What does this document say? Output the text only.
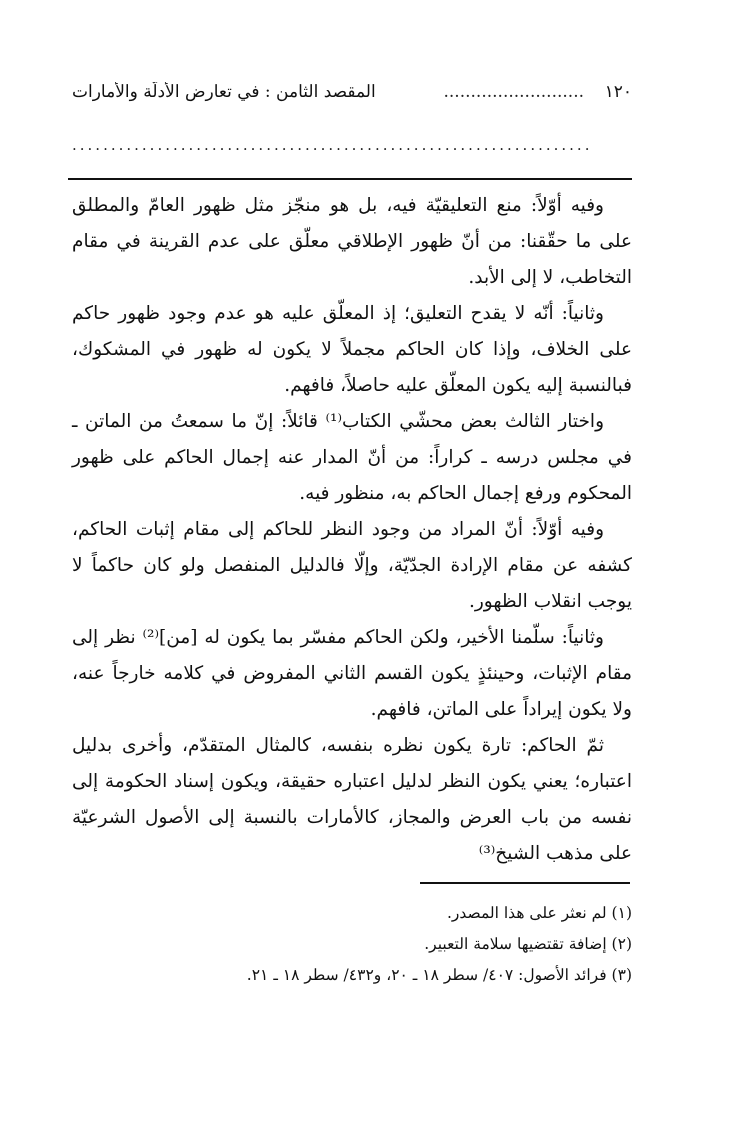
١٢٠
..........................
المقصد الثامن : في تعارض الأدلّة والأمارات
...................................................................

وفيه أوّلاً: منع التعليقيّة فيه، بل هو منجّز مثل ظهور العامّ والمطلق على ما حقّقنا: من أنّ ظهور الإطلاقي معلّق على عدم القرينة في مقام التخاطب، لا إلى الأبد.

وثانياً: أنّه لا يقدح التعليق؛ إذ المعلّق عليه هو عدم وجود ظهور حاكم على الخلاف، وإذا كان الحاكم مجملاً لا يكون له ظهور في المشكوك، فبالنسبة إليه يكون المعلّق عليه حاصلاً، فافهم.

واختار الثالث بعض محشّي الكتاب⁽¹⁾ قائلاً: إنّ ما سمعتُ من الماتن ـ في مجلس درسه ـ كراراً: من أنّ المدار عنه إجمال الحاكم على ظهور المحكوم ورفع إجمال الحاكم به، منظور فيه.

وفيه أوّلاً: أنّ المراد من وجود النظر للحاكم إلى مقام إثبات الحاكم، كشفه عن مقام الإرادة الجدّيّة، وإلّا فالدليل المنفصل ولو كان حاكماً لا يوجب انقلاب الظهور.

وثانياً: سلّمنا الأخير، ولكن الحاكم مفسّر بما يكون له [من]⁽²⁾ نظر إلى مقام الإثبات، وحينئذٍ يكون القسم الثاني المفروض في كلامه خارجاً عنه، ولا يكون إيراداً على الماتن، فافهم.

ثمّ الحاكم: تارة يكون نظره بنفسه، كالمثال المتقدّم، وأخرى بدليل اعتباره؛ يعني يكون النظر لدليل اعتباره حقيقة، ويكون إسناد الحكومة إلى نفسه من باب العرض والمجاز، كالأمارات بالنسبة إلى الأصول الشرعيّة على مذهب الشيخ⁽³⁾

(١) لم نعثر على هذا المصدر.
(٢) إضافة تقتضيها سلامة التعبير.
(٣) فرائد الأصول: ٤٠٧/ سطر ١٨ ـ ٢٠، و٤٣٢/ سطر ١٨ ـ ٢١.
